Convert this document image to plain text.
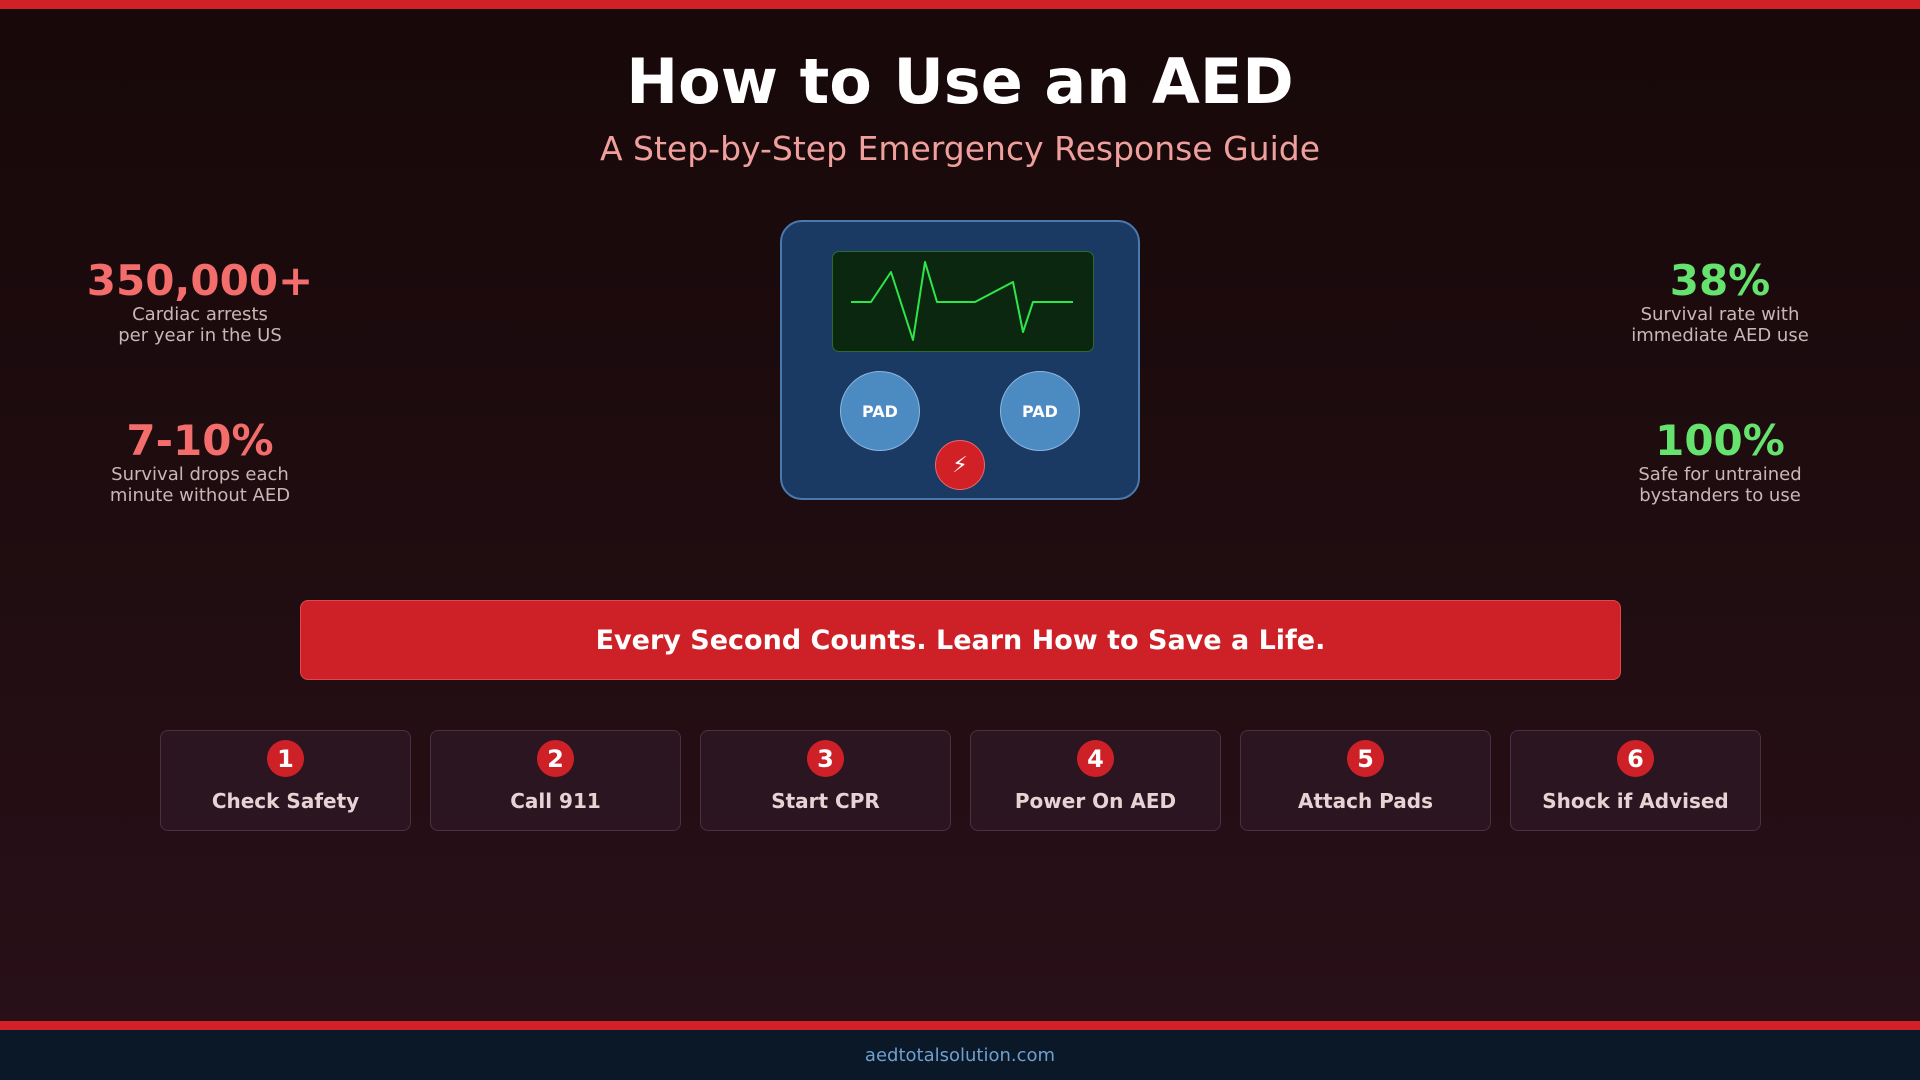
How to Use an AED
A Step-by-Step Emergency Response Guide
350,000+
Cardiac arrests
per year in the US
7-10%
Survival drops each
minute without AED
38%
Survival rate with
immediate AED use
100%
Safe for untrained
bystanders to use
PAD	PAD
⚡
Every Second Counts. Learn How to Save a Life.
1
Check Safety
2
Call 911
3
Start CPR
4
Power On AED
5
Attach Pads
6
Shock if Advised
aedtotalsolution.com
